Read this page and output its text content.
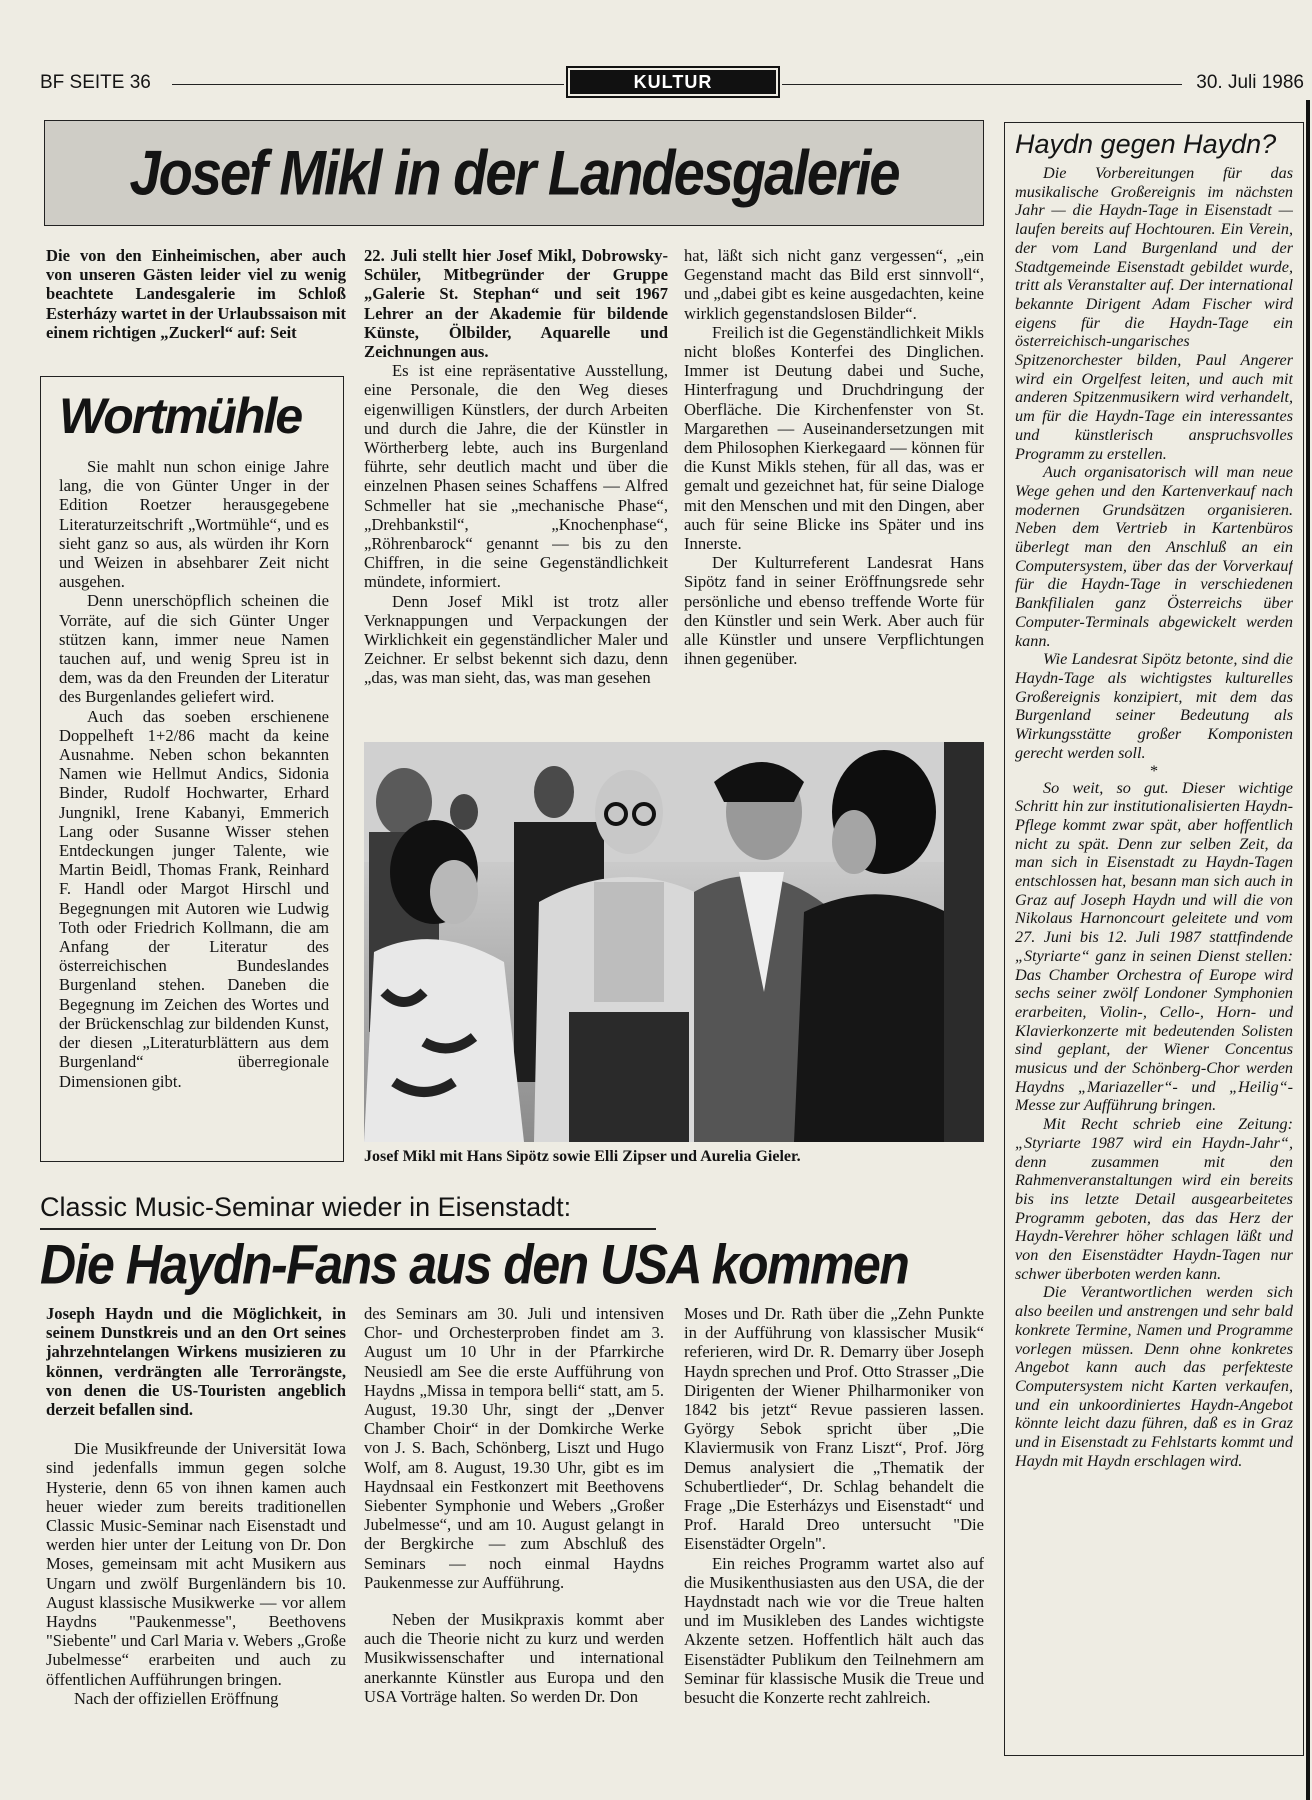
BF SEITE 36	KULTUR	30. Juli 1986
Josef Mikl in der Landesgalerie

Die von den Einheimischen, aber auch von unseren Gästen leider viel zu wenig beachtete Landesgalerie im Schloß Esterházy wartet in der Urlaubssaison mit einem richtigen „Zuckerl“ auf: Seit

22. Juli stellt hier Josef Mikl, Dobrowsky-Schüler, Mitbegründer der Gruppe „Galerie St. Stephan“ und seit 1967 Lehrer an der Akademie für bildende Künste, Ölbilder, Aquarelle und Zeichnungen aus.

Es ist eine repräsentative Ausstellung, eine Personale, die den Weg dieses eigenwilligen Künstlers, der durch Arbeiten und durch die Jahre, die der Künstler in Wörtherberg lebte, auch ins Burgenland führte, sehr deutlich macht und über die einzelnen Phasen seines Schaffens — Alfred Schmeller hat sie „mechanische Phase“, „Drehbankstil“, „Knochenphase“, „Röhrenbarock“ genannt — bis zu den Chiffren, in die seine Gegenständlichkeit mündete, informiert.

Denn Josef Mikl ist trotz aller Verknappungen und Verpackungen der Wirklichkeit ein gegenständlicher Maler und Zeichner. Er selbst bekennt sich dazu, denn „das, was man sieht, das, was man gesehen

hat, läßt sich nicht ganz vergessen“, „ein Gegenstand macht das Bild erst sinnvoll“, und „dabei gibt es keine ausgedachten, keine wirklich gegenstandslosen Bilder“.

Freilich ist die Gegenständlichkeit Mikls nicht bloßes Konterfei des Dinglichen. Immer ist Deutung dabei und Suche, Hinterfragung und Druchdringung der Oberfläche. Die Kirchenfenster von St. Margarethen — Auseinandersetzungen mit dem Philosophen Kierkegaard — können für die Kunst Mikls stehen, für all das, was er gemalt und gezeichnet hat, für seine Dialoge mit den Menschen und mit den Dingen, aber auch für seine Blicke ins Später und ins Innerste.

Der Kulturreferent Landesrat Hans Sipötz fand in seiner Eröffnungsrede sehr persönliche und ebenso treffende Worte für den Künstler und sein Werk. Aber auch für alle Künstler und unsere Verpflichtungen ihnen gegenüber.

Wortmühle

Sie mahlt nun schon einige Jahre lang, die von Günter Unger in der Edition Roetzer herausgegebene Literaturzeitschrift „Wortmühle“, und es sieht ganz so aus, als würden ihr Korn und Weizen in absehbarer Zeit nicht ausgehen.

Denn unerschöpflich scheinen die Vorräte, auf die sich Günter Unger stützen kann, immer neue Namen tauchen auf, und wenig Spreu ist in dem, was da den Freunden der Literatur des Burgenlandes geliefert wird.

Auch das soeben erschienene Doppelheft 1+2/86 macht da keine Ausnahme. Neben schon bekannten Namen wie Hellmut Andics, Sidonia Binder, Rudolf Hochwarter, Erhard Jungnikl, Irene Kabanyi, Emmerich Lang oder Susanne Wisser stehen Entdeckungen junger Talente, wie Martin Beidl, Thomas Frank, Reinhard F. Handl oder Margot Hirschl und Begegnungen mit Autoren wie Ludwig Toth oder Friedrich Kollmann, die am Anfang der Literatur des österreichischen Bundeslandes Burgenland stehen. Daneben die Begegnung im Zeichen des Wortes und der Brückenschlag zur bildenden Kunst, der diesen „Literaturblättern aus dem Burgenland“ überregionale Dimensionen gibt.

Josef Mikl mit Hans Sipötz sowie Elli Zipser und Aurelia Gieler.
Classic Music-Seminar wieder in Eisenstadt:
Die Haydn-Fans aus den USA kommen

Joseph Haydn und die Möglichkeit, in seinem Dunstkreis und an den Ort seines jahrzehntelangen Wirkens musizieren zu können, verdrängten alle Terrorängste, von denen die US-Touristen angeblich derzeit befallen sind.

Die Musikfreunde der Universität Iowa sind jedenfalls immun gegen solche Hysterie, denn 65 von ihnen kamen auch heuer wieder zum bereits traditionellen Classic Music-Seminar nach Eisenstadt und werden hier unter der Leitung von Dr. Don Moses, gemeinsam mit acht Musikern aus Ungarn und zwölf Burgenländern bis 10. August klassische Musikwerke — vor allem Haydns "Paukenmesse", Beethovens "Siebente" und Carl Maria v. Webers „Große Jubelmesse“ erarbeiten und auch zu öffentlichen Aufführungen bringen.

Nach der offiziellen Eröffnung

des Seminars am 30. Juli und intensiven Chor- und Orchesterproben findet am 3. August um 10 Uhr in der Pfarrkirche Neusiedl am See die erste Aufführung von Haydns „Missa in tempora belli“ statt, am 5. August, 19.30 Uhr, singt der „Denver Chamber Choir“ in der Domkirche Werke von J. S. Bach, Schönberg, Liszt und Hugo Wolf, am 8. August, 19.30 Uhr, gibt es im Haydnsaal ein Festkonzert mit Beethovens Siebenter Symphonie und Webers „Großer Jubelmesse“, und am 10. August gelangt in der Bergkirche — zum Abschluß des Seminars — noch einmal Haydns Paukenmesse zur Aufführung.

Neben der Musikpraxis kommt aber auch die Theorie nicht zu kurz und werden Musikwissenschafter und international anerkannte Künstler aus Europa und den USA Vorträge halten. So werden Dr. Don

Moses und Dr. Rath über die „Zehn Punkte in der Aufführung von klassischer Musik“ referieren, wird Dr. R. Demarry über Joseph Haydn sprechen und Prof. Otto Strasser „Die Dirigenten der Wiener Philharmoniker von 1842 bis jetzt“ Revue passieren lassen. György Sebok spricht über „Die Klaviermusik von Franz Liszt“, Prof. Jörg Demus analysiert die „Thematik der Schubertlieder“, Dr. Schlag behandelt die Frage „Die Esterházys und Eisenstadt“ und Prof. Harald Dreo untersucht "Die Eisenstädter Orgeln".

Ein reiches Programm wartet also auf die Musikenthusiasten aus den USA, die der Haydnstadt nach wie vor die Treue halten und im Musikleben des Landes wichtigste Akzente setzen. Hoffentlich hält auch das Eisenstädter Publikum den Teilnehmern am Seminar für klassische Musik die Treue und besucht die Konzerte recht zahlreich.

Haydn gegen Haydn?

Die Vorbereitungen für das musikalische Großereignis im nächsten Jahr — die Haydn-Tage in Eisenstadt — laufen bereits auf Hochtouren. Ein Verein, der vom Land Burgenland und der Stadtgemeinde Eisenstadt gebildet wurde, tritt als Veranstalter auf. Der international bekannte Dirigent Adam Fischer wird eigens für die Haydn-Tage ein österreichisch-ungarisches Spitzenorchester bilden, Paul Angerer wird ein Orgelfest leiten, und auch mit anderen Spitzenmusikern wird verhandelt, um für die Haydn-Tage ein interessantes und künstlerisch anspruchsvolles Programm zu erstellen.

Auch organisatorisch will man neue Wege gehen und den Kartenverkauf nach modernen Grundsätzen organisieren. Neben dem Vertrieb in Kartenbüros überlegt man den Anschluß an ein Computersystem, über das der Vorverkauf für die Haydn-Tage in verschiedenen Bankfilialen ganz Österreichs über Computer-Terminals abgewickelt werden kann.

Wie Landesrat Sipötz betonte, sind die Haydn-Tage als wichtigstes kulturelles Großereignis konzipiert, mit dem das Burgenland seiner Bedeutung als Wirkungsstätte großer Komponisten gerecht werden soll.

*

So weit, so gut. Dieser wichtige Schritt hin zur institutionalisierten Haydn-Pflege kommt zwar spät, aber hoffentlich nicht zu spät. Denn zur selben Zeit, da man sich in Eisenstadt zu Haydn-Tagen entschlossen hat, besann man sich auch in Graz auf Joseph Haydn und will die von Nikolaus Harnoncourt geleitete und vom 27. Juni bis 12. Juli 1987 stattfindende „Styriarte“ ganz in seinen Dienst stellen: Das Chamber Orchestra of Europe wird sechs seiner zwölf Londoner Symphonien erarbeiten, Violin-, Cello-, Horn- und Klavierkonzerte mit bedeutenden Solisten sind geplant, der Wiener Concentus musicus und der Schönberg-Chor werden Haydns „Mariazeller“- und „Heilig“-Messe zur Aufführung bringen.

Mit Recht schrieb eine Zeitung: „Styriarte 1987 wird ein Haydn-Jahr“, denn zusammen mit den Rahmenveranstaltungen wird ein bereits bis ins letzte Detail ausgearbeitetes Programm geboten, das das Herz der Haydn-Verehrer höher schlagen läßt und von den Eisenstädter Haydn-Tagen nur schwer überboten werden kann.

Die Verantwortlichen werden sich also beeilen und anstrengen und sehr bald konkrete Termine, Namen und Programme vorlegen müssen. Denn ohne konkretes Angebot kann auch das perfekteste Computersystem nicht Karten verkaufen, und ein unkoordiniertes Haydn-Angebot könnte leicht dazu führen, daß es in Graz und in Eisenstadt zu Fehlstarts kommt und Haydn mit Haydn erschlagen wird.
